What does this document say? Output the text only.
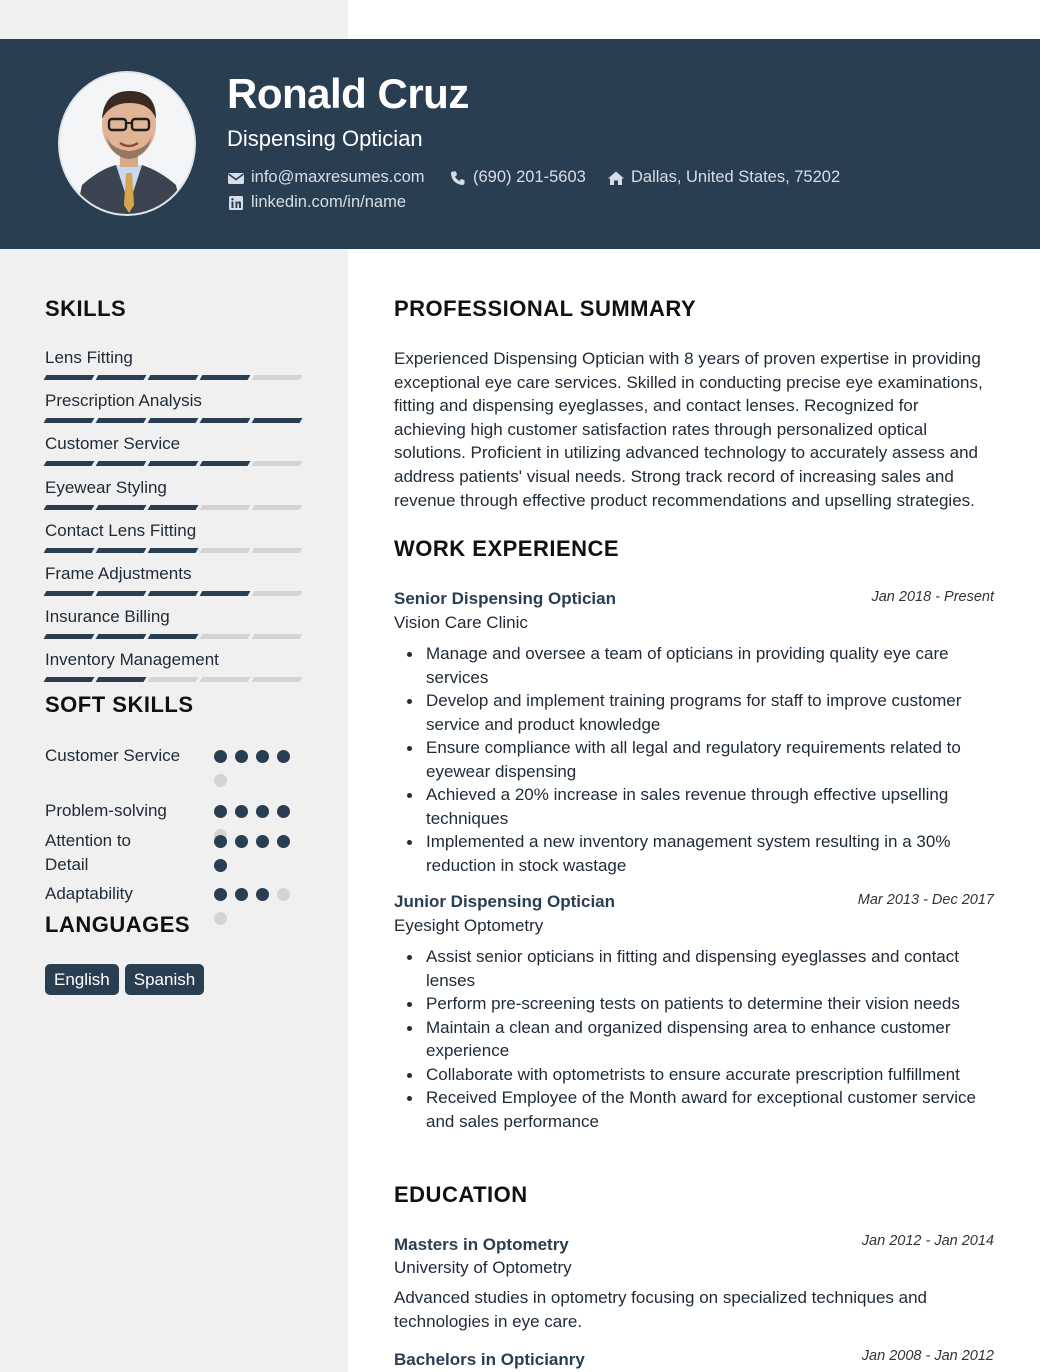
Ronald Cruz
Dispensing Optician
info@maxresumes.com	(690) 201-5603	Dallas, United States, 75202
linkedin.com/in/name
SKILLS
Lens Fitting
Prescription Analysis
Customer Service
Eyewear Styling
Contact Lens Fitting
Frame Adjustments
Insurance Billing
Inventory Management
SOFT SKILLS
Customer Service
Problem-solving
Attention to Detail
Adaptability
LANGUAGES
English	Spanish
PROFESSIONAL SUMMARY
Experienced Dispensing Optician with 8 years of proven expertise in providing exceptional eye care services. Skilled in conducting precise eye examinations, fitting and dispensing eyeglasses, and contact lenses. Recognized for achieving high customer satisfaction rates through personalized optical solutions. Proficient in utilizing advanced technology to accurately assess and address patients' visual needs. Strong track record of increasing sales and revenue through effective product recommendations and upselling strategies.
WORK EXPERIENCE
Senior Dispensing Optician	Jan 2018 - Present
Vision Care Clinic
Manage and oversee a team of opticians in providing quality eye care services
Develop and implement training programs for staff to improve customer service and product knowledge
Ensure compliance with all legal and regulatory requirements related to eyewear dispensing
Achieved a 20% increase in sales revenue through effective upselling techniques
Implemented a new inventory management system resulting in a 30% reduction in stock wastage
Junior Dispensing Optician	Mar 2013 - Dec 2017
Eyesight Optometry
Assist senior opticians in fitting and dispensing eyeglasses and contact lenses
Perform pre-screening tests on patients to determine their vision needs
Maintain a clean and organized dispensing area to enhance customer experience
Collaborate with optometrists to ensure accurate prescription fulfillment
Received Employee of the Month award for exceptional customer service and sales performance
EDUCATION
Masters in Optometry	Jan 2012 - Jan 2014
University of Optometry
Advanced studies in optometry focusing on specialized techniques and technologies in eye care.
Bachelors in Opticianry	Jan 2008 - Jan 2012
